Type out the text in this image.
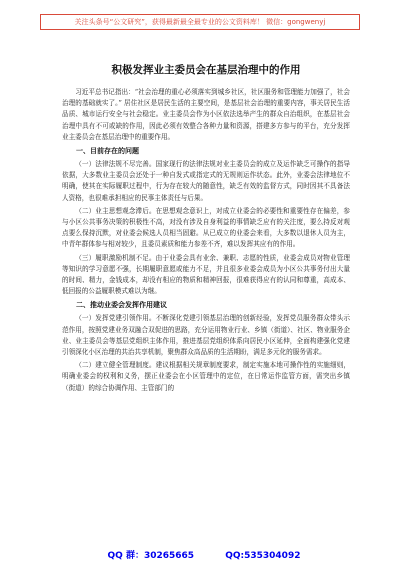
关注头条号“公文研究”，获得最新最全最专业的公文资料库！ 微信：gongwenyj
积极发挥业主委员会在基层治理中的作用

习近平总书记指出：“社会治理的重心必须落实到城乡社区，社区服务和管理能力加强了，社会治理的基础就实了。” 居住社区是居民生活的主要空间，是基层社会治理的重要内容，事关居民生活品质、城市运行安全与社会稳定。业主委员会作为小区依法选举产生的群众自治组织，在基层社会治理中具有不可或缺的作用，因此必须有效整合各种力量和资源，搭建多方参与的平台，充分发挥业主委员会在基层治理中的重要作用。

一、目前存在的问题

（一）法律法规不尽完善。国家现行的法律法规对业主委员会的成立及运作缺乏可操作的指导依据，大多数业主委员会还处于一种自发式或指定式的无规则运作状态。此外，业委会法律地位不明确，使其在实际履职过程中，行为存在较大的随意性，缺乏有效的监督方式，同时因其不具备法人资格，也很难承担相应的民事主体责任与后果。

（二）业主思想观念滞后。在思想观念意识上，对成立业委会的必要性和重要性存在偏差，参与小区公共事务决策的积极性不高，对没有涉及自身利益的事情缺乏应有的关注度，要么持反对观点要么保持沉默，对业委会候选人员相当固避。从已成立的业委会来看，大多数以退休人员为主，中青年群体参与相对较少，且委员素质和能力参差不齐，难以发挥其应有的作用。

（三）履职激励机制不足。由于业委会具有业余、兼职、志愿的性质，业委会成员对物业管理等知识的学习意愿不强，长期履职意愿或能力不足，并且很多业委会成员为小区公共事务付出大量的时间、精力，金钱成本，却没有相应的物质和精神回报，很难获得应有的认同和尊重，高成本、低回报的公益履职模式难以为继。

二、推动业委会发挥作用建议

（一）发挥党建引领作用。不断深化党建引领基层治理的创新经验，发挥党员服务群众带头示范作用，按照党建业务双融合双促进的思路，充分运用物业行业、乡镇（街道）、社区、物业服务企业、业主委员会等基层党组织主体作用，推进基层党组织体系向居民小区延伸，全面构建强化党建引领深化小区治理的共治共享机制，聚焦群众高品质的生活期盼，满足多元化的服务需求。

（二）建立健全管理制度。建议根据相关规章制度要求，制定实施本地可操作性的实施细则，明确业委会的权利和义务，摆正业委会在小区管理中的定位，在日常运作监管方面，需突出乡镇（街道）的综合协调作用、主管部门的

QQ 群：30265665	QQ:535304092
